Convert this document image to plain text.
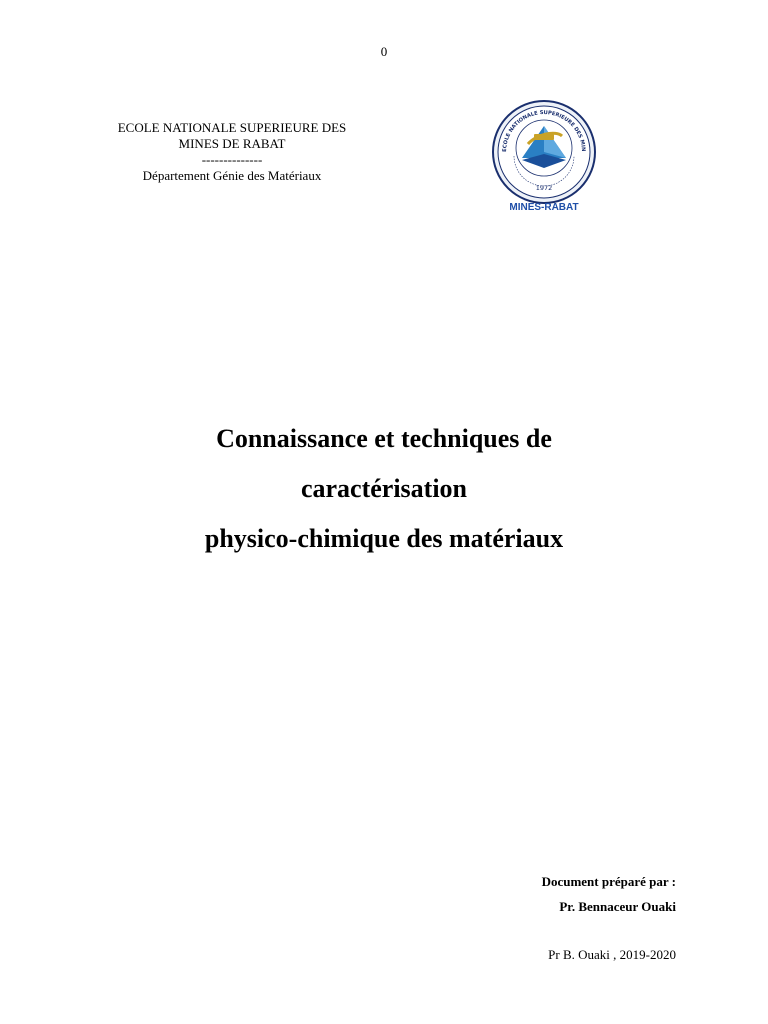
0
ECOLE NATIONALE SUPERIEURE DES
MINES DE RABAT
--------------
Département Génie des Matériaux
ECOLE NATIONALE SUPERIEURE DES MIN
1972
MINES-RABAT
Connaissance et techniques de
caractérisation
physico-chimique des matériaux
Document préparé par :
Pr. Bennaceur Ouaki
Pr B. Ouaki , 2019-2020
